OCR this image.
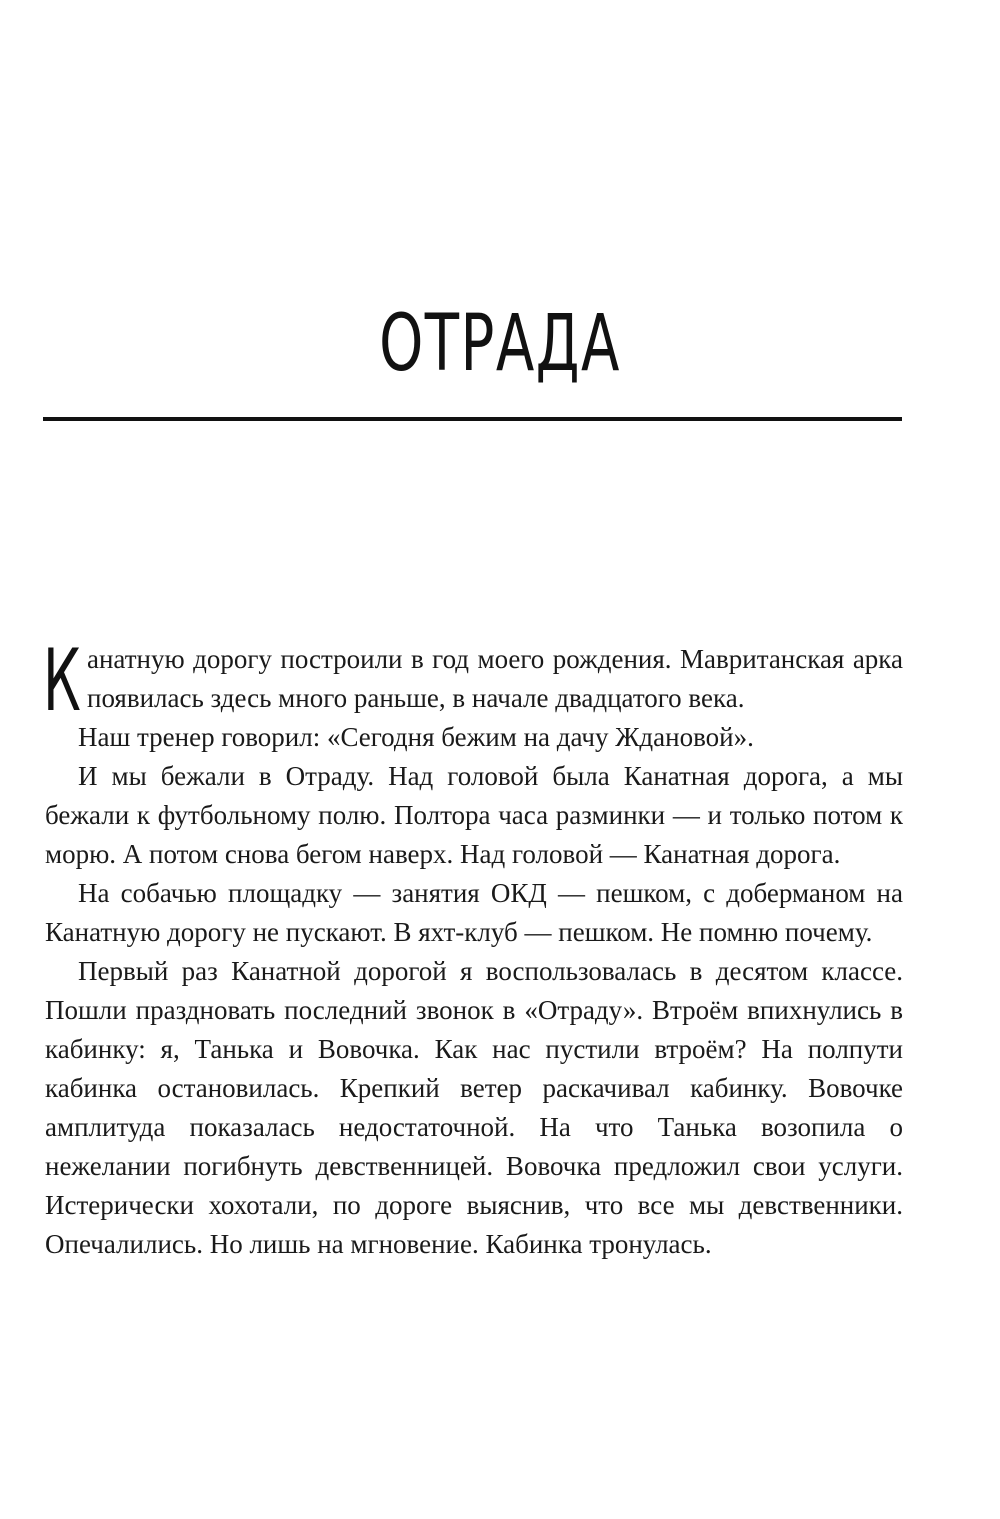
ОТРАДА

Канатную дорогу построили в год моего рождения. Мавританская арка появилась здесь много раньше, в начале двадцатого века.

Наш тренер говорил: «Сегодня бежим на дачу Ждановой».

И мы бежали в Отраду. Над головой была Канатная дорога, а мы бежали к футбольному полю. Полтора часа разминки — и только потом к морю. А потом снова бегом наверх. Над головой — Канатная дорога.

На собачью площадку — занятия ОКД — пешком, с доберманом на Канатную дорогу не пускают. В яхт-клуб — пешком. Не помню почему.

Первый раз Канатной дорогой я воспользовалась в десятом классе. Пошли праздновать последний звонок в «Отраду». Втроём впихнулись в кабинку: я, Танька и Вовочка. Как нас пустили втроём? На полпути кабинка остановилась. Крепкий ветер раскачивал кабинку. Вовочке амплитуда показалась недостаточной. На что Танька возопила о нежелании погибнуть девственницей. Вовочка предложил свои услуги. Истерически хохотали, по дороге выяснив, что все мы девственники. Опечалились. Но лишь на мгновение. Кабинка тронулась.
